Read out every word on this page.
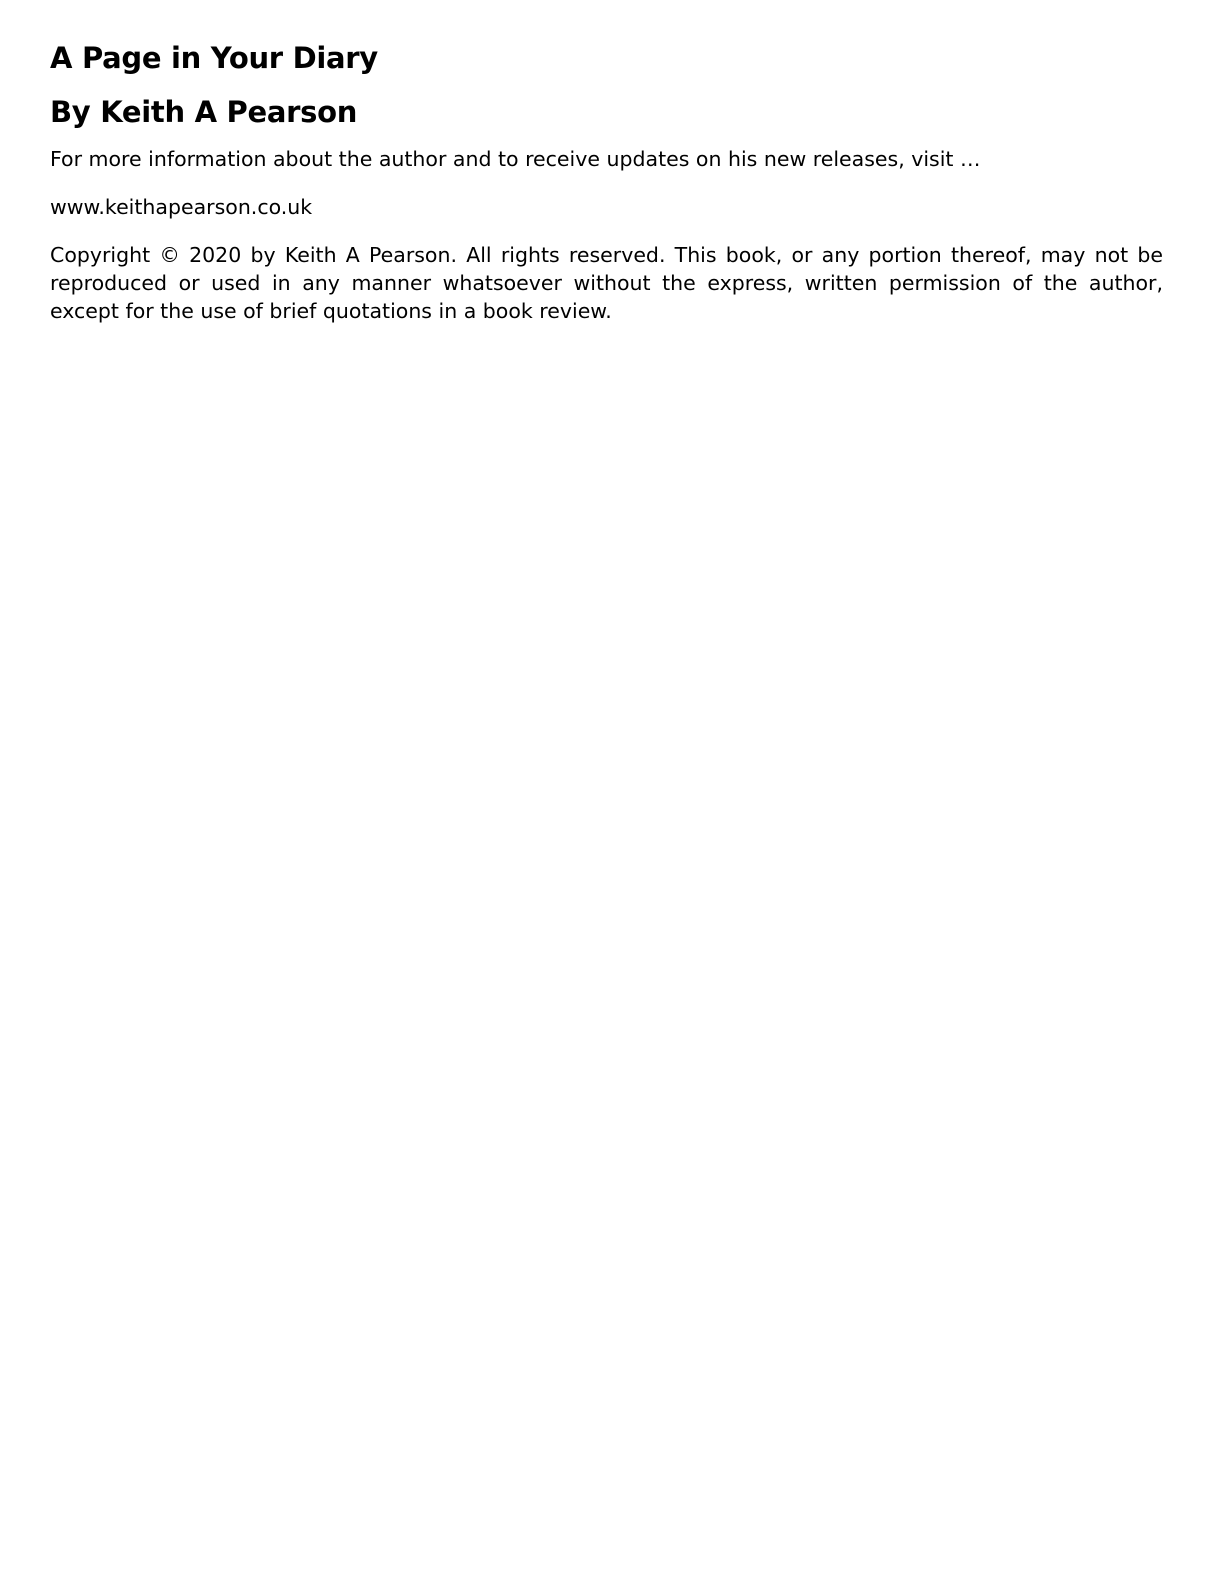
A Page in Your Diary
By Keith A Pearson

For more information about the author and to receive updates on his new releases, visit …

www.keithapearson.co.uk

Copyright © 2020 by Keith A Pearson. All rights reserved. This book, or any portion thereof, may not be reproduced or used in any manner whatsoever without the express, written permission of the author, except for the use of brief quotations in a book review.
